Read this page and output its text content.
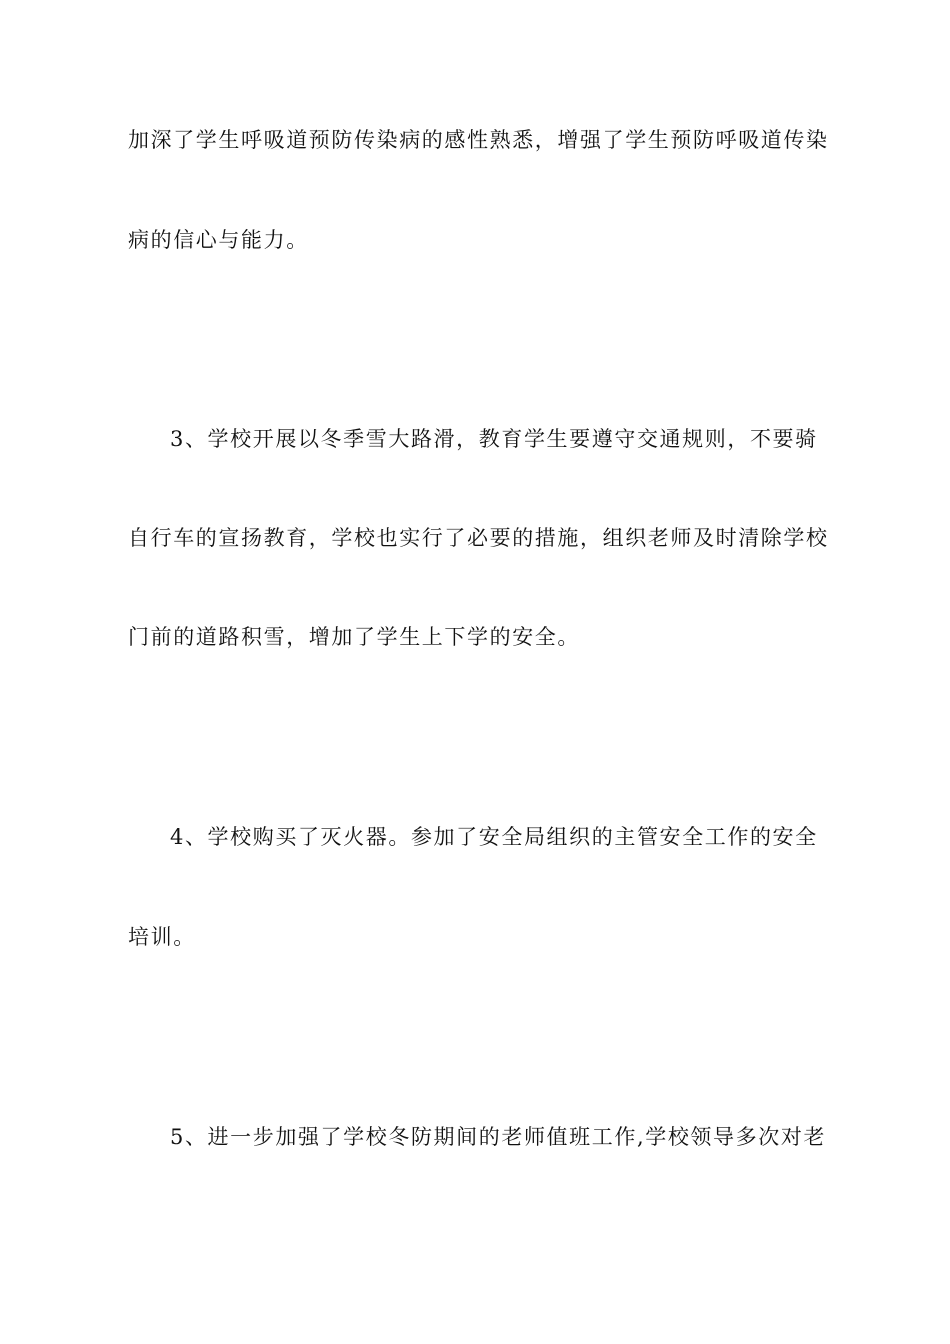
加深了学生呼吸道预防传染病的感性熟悉，增强了学生预防呼吸道传染
病的信心与能力。
3、学校开展以冬季雪大路滑，教育学生要遵守交通规则，不要骑
自行车的宣扬教育，学校也实行了必要的措施，组织老师及时清除学校
门前的道路积雪，增加了学生上下学的安全。
4、学校购买了灭火器。参加了安全局组织的主管安全工作的安全
培训。
5、进一步加强了学校冬防期间的老师值班工作,学校领导多次对老
